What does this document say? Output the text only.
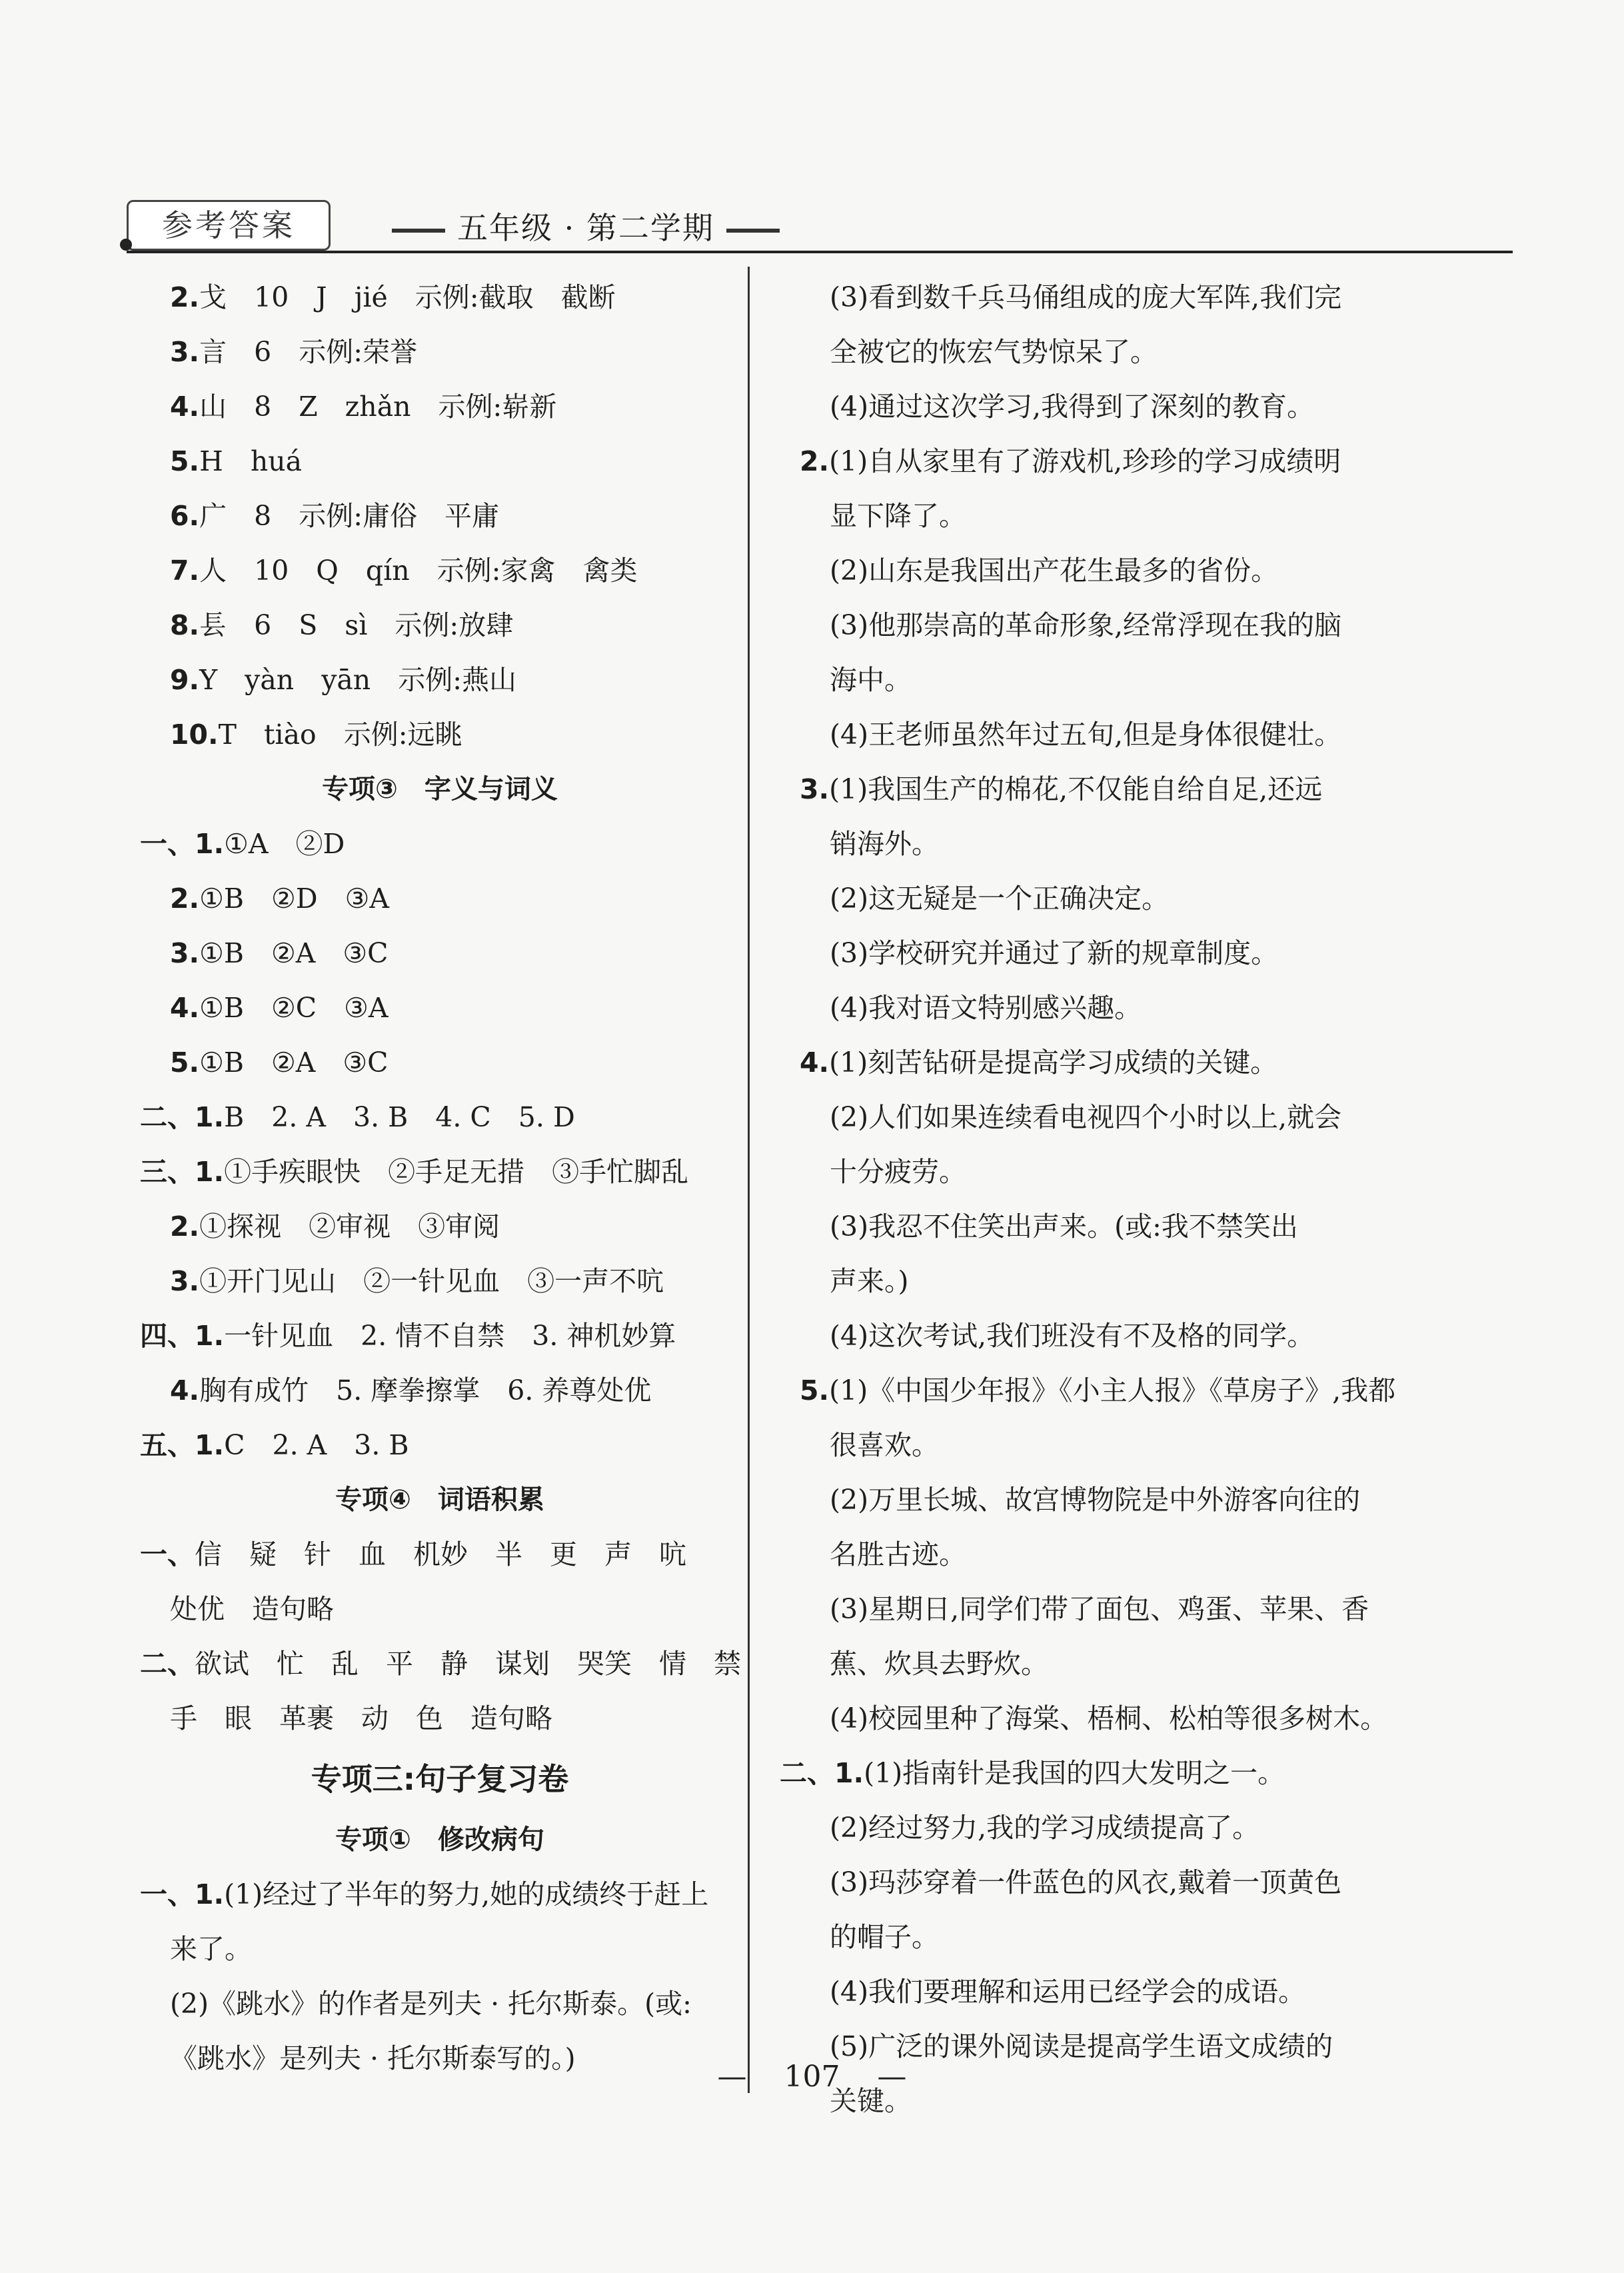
参考答案	五年级 · 第二学期
2.戈　10　J　jié　示例:截取　截断
3.言　6　示例:荣誉
4.山　8　Z　zhǎn　示例:崭新
5.H　huá
6.广　8　示例:庸俗　平庸
7.人　10　Q　qín　示例:家禽　禽类
8.镸　6　S　sì　示例:放肆
9.Y　yàn　yān　示例:燕山
10.T　tiào　示例:远眺
专项③　字义与词义
一、1.①A　②D
2.①B　②D　③A
3.①B　②A　③C
4.①B　②C　③A
5.①B　②A　③C
二、1.B　2. A　3. B　4. C　5. D
三、1.①手疾眼快　②手足无措　③手忙脚乱
2.①探视　②审视　③审阅
3.①开门见山　②一针见血　③一声不吭
四、1.一针见血　2. 情不自禁　3. 神机妙算
4.胸有成竹　5. 摩拳擦掌　6. 养尊处优
五、1.C　2. A　3. B
专项④　词语积累
一、信　疑　针　血　机妙　半　更　声　吭
处优　造句略
二、欲试　忙　乱　平　静　谋划　哭笑　情　禁
手　眼　革裹　动　色　造句略
专项三:句子复习卷
专项①　修改病句
一、1.(1)经过了半年的努力,她的成绩终于赶上
来了。
(2)《跳水》的作者是列夫 · 托尔斯泰。(或:
《跳水》是列夫 · 托尔斯泰写的。)
(3)看到数千兵马俑组成的庞大军阵,我们完
全被它的恢宏气势惊呆了。
(4)通过这次学习,我得到了深刻的教育。
2.(1)自从家里有了游戏机,珍珍的学习成绩明
显下降了。
(2)山东是我国出产花生最多的省份。
(3)他那崇高的革命形象,经常浮现在我的脑
海中。
(4)王老师虽然年过五旬,但是身体很健壮。
3.(1)我国生产的棉花,不仅能自给自足,还远
销海外。
(2)这无疑是一个正确决定。
(3)学校研究并通过了新的规章制度。
(4)我对语文特别感兴趣。
4.(1)刻苦钻研是提高学习成绩的关键。
(2)人们如果连续看电视四个小时以上,就会
十分疲劳。
(3)我忍不住笑出声来。(或:我不禁笑出
声来。)
(4)这次考试,我们班没有不及格的同学。
5.(1)《中国少年报》《小主人报》《草房子》,我都
很喜欢。
(2)万里长城、故宫博物院是中外游客向往的
名胜古迹。
(3)星期日,同学们带了面包、鸡蛋、苹果、香
蕉、炊具去野炊。
(4)校园里种了海棠、梧桐、松柏等很多树木。
二、1.(1)指南针是我国的四大发明之一。
(2)经过努力,我的学习成绩提高了。
(3)玛莎穿着一件蓝色的风衣,戴着一顶黄色
的帽子。
(4)我们要理解和运用已经学会的成语。
(5)广泛的课外阅读是提高学生语文成绩的
关键。
—    107    —
